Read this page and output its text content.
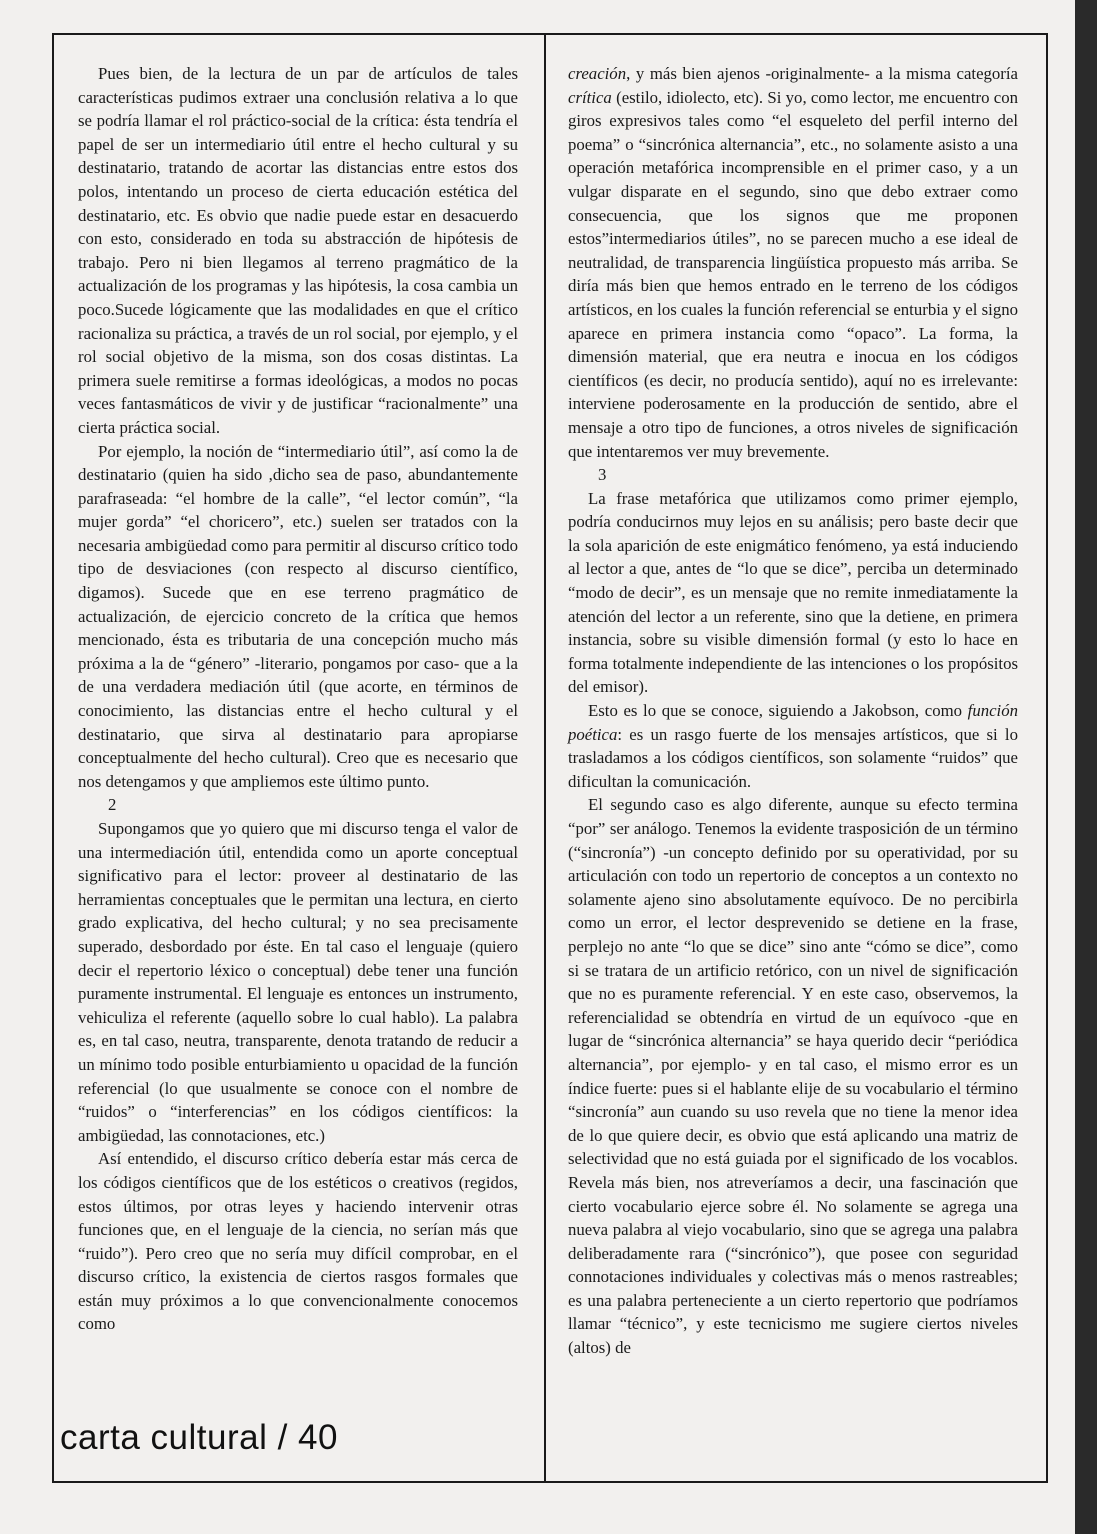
Pues bien, de la lectura de un par de artículos de tales características pudimos extraer una conclusión relativa a lo que se podría llamar el rol práctico-social de la crítica: ésta tendría el papel de ser un intermediario útil entre el hecho cultural y su destinatario, tratando de acortar las distancias entre estos dos polos, intentando un proceso de cierta educación estética del destinatario, etc. Es obvio que nadie puede estar en desacuerdo con esto, considerado en toda su abstracción de hipótesis de trabajo. Pero ni bien llegamos al terreno pragmático de la actualización de los programas y las hipótesis, la cosa cambia un poco.Sucede lógicamente que las modalidades en que el crítico racionaliza su práctica, a través de un rol social, por ejemplo, y el rol social objetivo de la misma, son dos cosas distintas. La primera suele remitirse a formas ideológicas, a modos no pocas veces fantasmáticos de vivir y de justificar “racionalmente” una cierta práctica social.

Por ejemplo, la noción de “intermediario útil”, así como la de destinatario (quien ha sido ,dicho sea de paso, abundantemente parafraseada: “el hombre de la calle”, “el lector común”, “la mujer gorda” “el choricero”, etc.) suelen ser tratados con la necesaria ambigüedad como para permitir al discurso crítico todo tipo de desviaciones (con respecto al discurso científico, digamos). Sucede que en ese terreno pragmático de actualización, de ejercicio concreto de la crítica que hemos mencionado, ésta es tributaria de una concepción mucho más próxima a la de “género” -literario, pongamos por caso- que a la de una verdadera mediación útil (que acorte, en términos de conocimiento, las distancias entre el hecho cultural y el destinatario, que sirva al destinatario para apropiarse conceptualmente del hecho cultural). Creo que es necesario que nos detengamos y que ampliemos este último punto.

2

Supongamos que yo quiero que mi discurso tenga el valor de una intermediación útil, entendida como un aporte conceptual significativo para el lector: proveer al destinatario de las herramientas conceptuales que le permitan una lectura, en cierto grado explicativa, del hecho cultural; y no sea precisamente superado, desbordado por éste. En tal caso el lenguaje (quiero decir el repertorio léxico o conceptual) debe tener una función puramente instrumental. El lenguaje es entonces un instrumento, vehiculiza el referente (aquello sobre lo cual hablo). La palabra es, en tal caso, neutra, transparente, denota tratando de reducir a un mínimo todo posible enturbiamiento u opacidad de la función referencial (lo que usualmente se conoce con el nombre de “ruidos” o “interferencias” en los códigos científicos: la ambigüedad, las connotaciones, etc.)

Así entendido, el discurso crítico debería estar más cerca de los códigos científicos que de los estéticos o creativos (regidos, estos últimos, por otras leyes y haciendo intervenir otras funciones que, en el lenguaje de la ciencia, no serían más que “ruido”). Pero creo que no sería muy difícil comprobar, en el discurso crítico, la existencia de ciertos rasgos formales que están muy próximos a lo que convencionalmente conocemos como

creación, y más bien ajenos -originalmente- a la misma categoría crítica (estilo, idiolecto, etc). Si yo, como lector, me encuentro con giros expresivos tales como “el esqueleto del perfil interno del poema” o “sincrónica alternancia”, etc., no solamente asisto a una operación metafórica incomprensible en el primer caso, y a un vulgar disparate en el segundo, sino que debo extraer como consecuencia, que los signos que me proponen estos”intermediarios útiles”, no se parecen mucho a ese ideal de neutralidad, de transparencia lingüística propuesto más arriba. Se diría más bien que hemos entrado en le terreno de los códigos artísticos, en los cuales la función referencial se enturbia y el signo aparece en primera instancia como “opaco”. La forma, la dimensión material, que era neutra e inocua en los códigos científicos (es decir, no producía sentido), aquí no es irrelevante: interviene poderosamente en la producción de sentido, abre el mensaje a otro tipo de funciones, a otros niveles de significación que intentaremos ver muy brevemente.

3

La frase metafórica que utilizamos como primer ejemplo, podría conducirnos muy lejos en su análisis; pero baste decir que la sola aparición de este enigmático fenómeno, ya está induciendo al lector a que, antes de “lo que se dice”, perciba un determinado “modo de decir”, es un mensaje que no remite inmediatamente la atención del lector a un referente, sino que la detiene, en primera instancia, sobre su visible dimensión formal (y esto lo hace en forma totalmente independiente de las intenciones o los propósitos del emisor).

Esto es lo que se conoce, siguiendo a Jakobson, como función poética: es un rasgo fuerte de los mensajes artísticos, que si lo trasladamos a los códigos científicos, son solamente “ruidos” que dificultan la comunicación.

El segundo caso es algo diferente, aunque su efecto termina “por” ser análogo. Tenemos la evidente trasposición de un término (“sincronía”) -un concepto definido por su operatividad, por su articulación con todo un repertorio de conceptos a un contexto no solamente ajeno sino absolutamente equívoco. De no percibirla como un error, el lector desprevenido se detiene en la frase, perplejo no ante “lo que se dice” sino ante “cómo se dice”, como si se tratara de un artificio retórico, con un nivel de significación que no es puramente referencial. Y en este caso, observemos, la referencialidad se obtendría en virtud de un equívoco -que en lugar de “sincrónica alternancia” se haya querido decir “periódica alternancia”, por ejemplo- y en tal caso, el mismo error es un índice fuerte: pues si el hablante elije de su vocabulario el término “sincronía” aun cuando su uso revela que no tiene la menor idea de lo que quiere decir, es obvio que está aplicando una matriz de selectividad que no está guiada por el significado de los vocablos. Revela más bien, nos atreveríamos a decir, una fascinación que cierto vocabulario ejerce sobre él. No solamente se agrega una nueva palabra al viejo vocabulario, sino que se agrega una palabra deliberadamente rara (“sincrónico”), que posee con seguridad connotaciones individuales y colectivas más o menos rastreables; es una palabra perteneciente a un cierto repertorio que podríamos llamar “técnico”, y este tecnicismo me sugiere ciertos niveles (altos) de

carta cultural / 40
